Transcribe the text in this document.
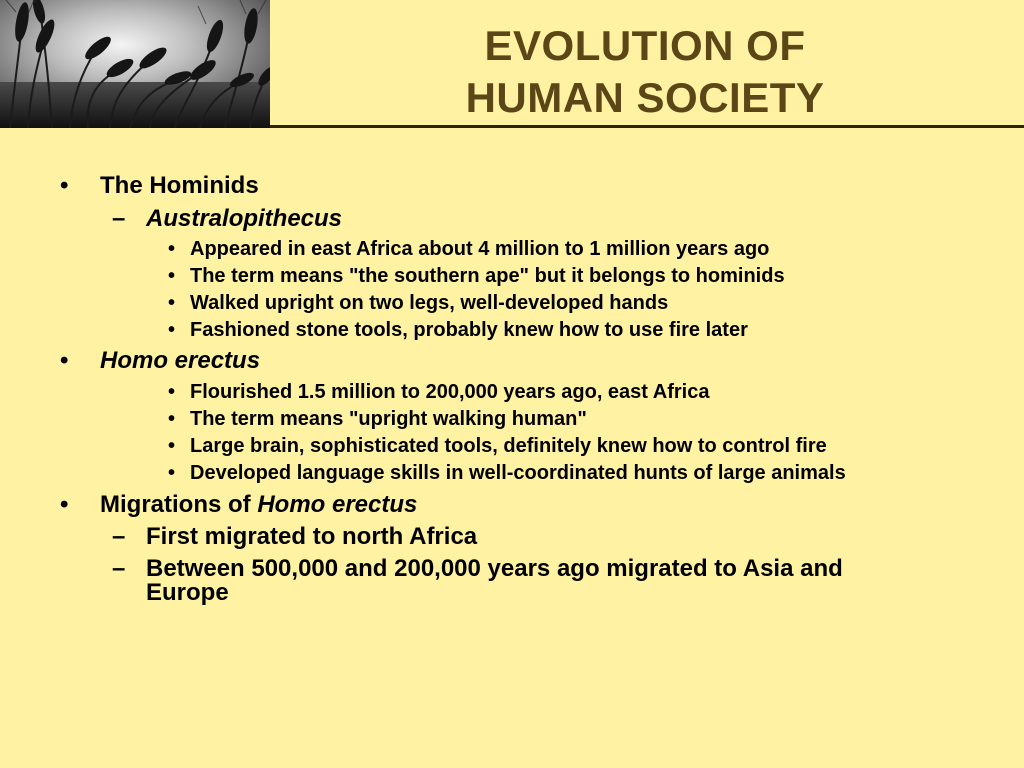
EVOLUTION OF
HUMAN SOCIETY
• The Hominids
– Australopithecus
• Appeared in east Africa about 4 million to 1 million years ago
• The term means "the southern ape" but it belongs to hominids
• Walked upright on two legs, well-developed hands
• Fashioned stone tools, probably knew how to use fire later
• Homo erectus
• Flourished 1.5 million to 200,000 years ago, east Africa
• The term means "upright walking human"
• Large brain, sophisticated tools, definitely knew how to control fire
• Developed language skills in well-coordinated hunts of large animals
• Migrations of Homo erectus
– First migrated to north Africa
– Between 500,000 and 200,000 years ago migrated to Asia and
Europe
